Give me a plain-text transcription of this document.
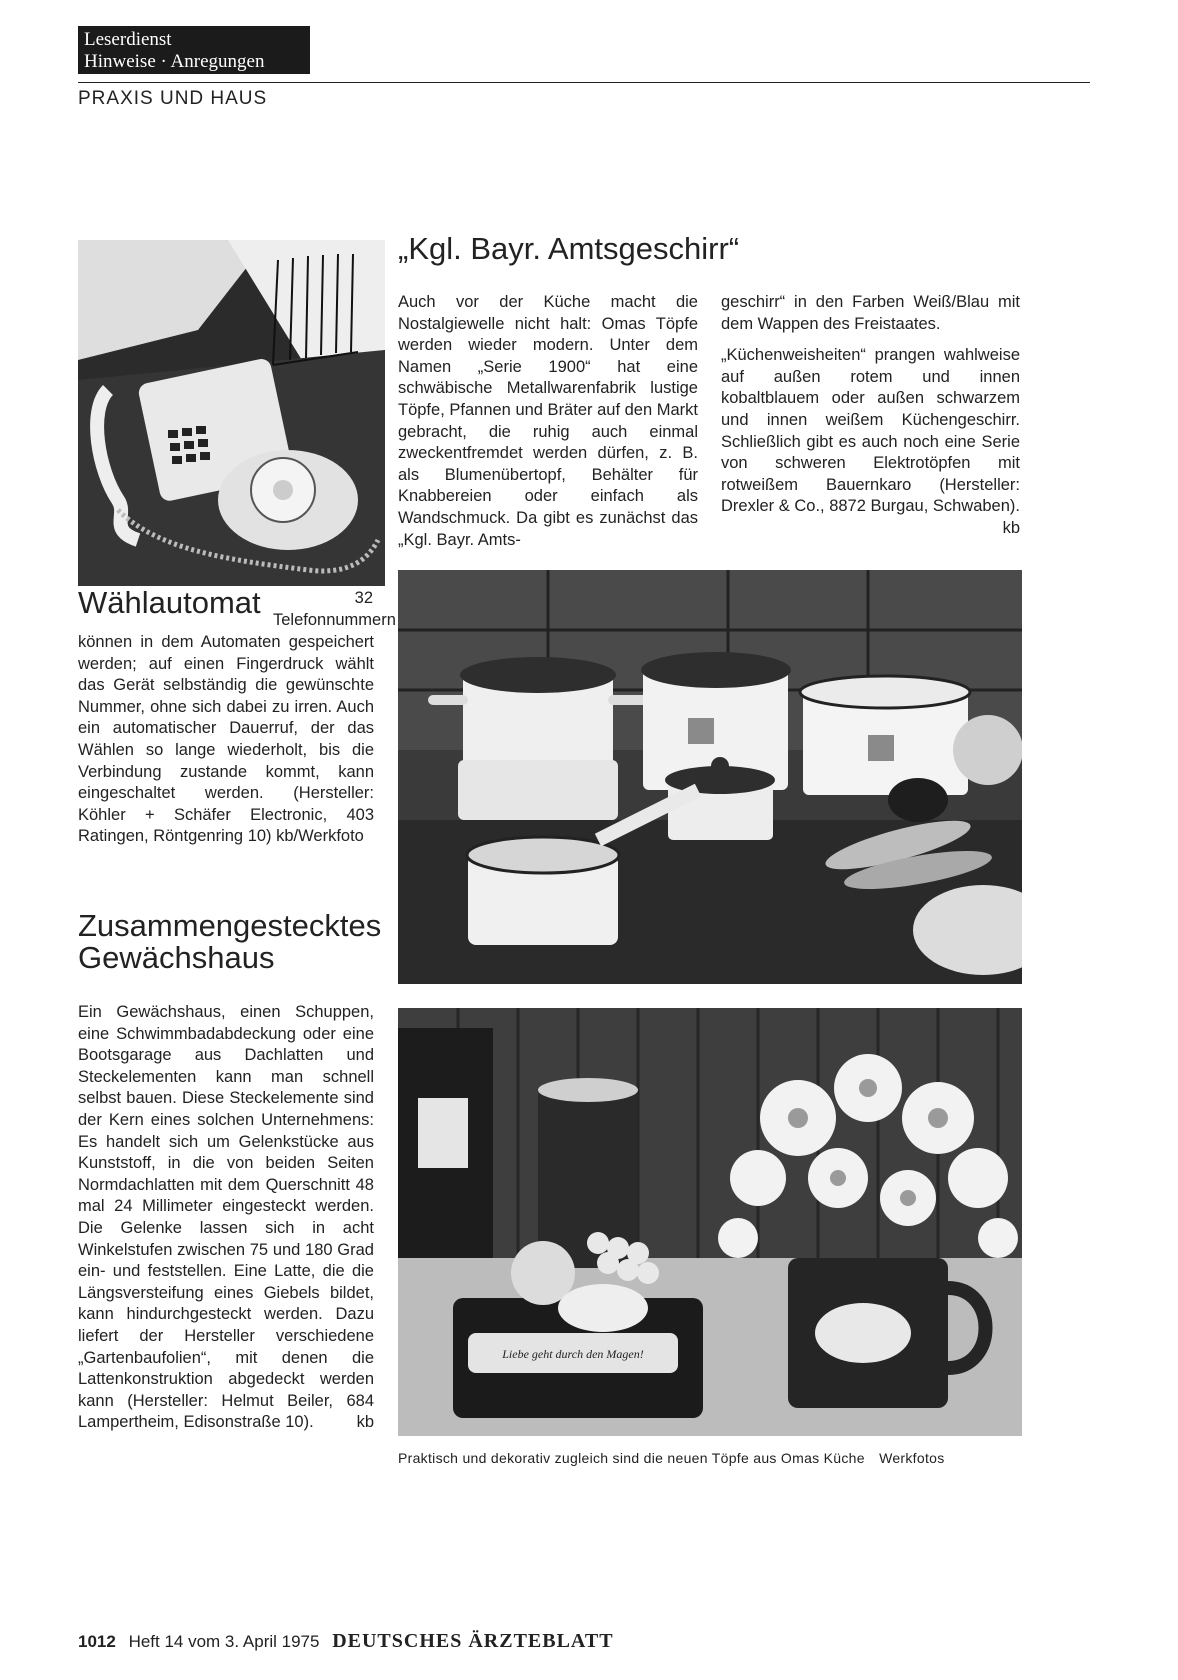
Leserdienst
Hinweise · Anregungen
PRAXIS UND HAUS
„Kgl. Bayr. Amtsgeschirr“

Auch vor der Küche macht die Nostalgiewelle nicht halt: Omas Töpfe werden wieder modern. Unter dem Namen „Serie 1900“ hat eine schwäbische Metallwarenfabrik lustige Töpfe, Pfannen und Bräter auf den Markt gebracht, die ruhig auch einmal zweckentfremdet werden dürfen, z. B. als Blumenübertopf, Behälter für Knabbereien oder einfach als Wandschmuck. Da gibt es zunächst das „Kgl. Bayr. Amts-

geschirr“ in den Farben Weiß/Blau mit dem Wappen des Freistaates.

„Küchenweisheiten“ prangen wahlweise auf außen rotem und innen kobaltblauem oder außen schwarzem und innen weißem Küchengeschirr. Schließlich gibt es auch noch eine Serie von schweren Elektrotöpfen mit rotweißem Bauernkaro (Hersteller: Drexler & Co., 8872 Burgau, Schwaben).
kb

Wählautomat	32 Telefonnummern
können in dem Automaten gespeichert werden; auf einen Fingerdruck wählt das Gerät selbständig die gewünschte Nummer, ohne sich dabei zu irren. Auch ein automatischer Dauerruf, der das Wählen so lange wiederholt, bis die Verbindung zustande kommt, kann eingeschaltet werden. (Hersteller: Köhler + Schäfer Electronic, 403 Ratingen, Röntgenring 10) kb/Werkfoto
Zusammengestecktes
Gewächshaus
Ein Gewächshaus, einen Schuppen, eine Schwimmbadabdeckung oder eine Bootsgarage aus Dachlatten und Steckelementen kann man schnell selbst bauen. Diese Steckelemente sind der Kern eines solchen Unternehmens: Es handelt sich um Gelenkstücke aus Kunststoff, in die von beiden Seiten Normdachlatten mit dem Querschnitt 48 mal 24 Millimeter eingesteckt werden. Die Gelenke lassen sich in acht Winkelstufen zwischen 75 und 180 Grad ein- und feststellen. Eine Latte, die die Längsversteifung eines Giebels bildet, kann hindurchgesteckt werden. Dazu liefert der Hersteller verschiedene „Gartenbaufolien“, mit denen die Lattenkonstruktion abgedeckt werden kann (Hersteller: Helmut Beiler, 684 Lampertheim, Edisonstraße 10).	kb
Liebe geht durch den Magen!
Praktisch und dekorativ zugleich sind die neuen Töpfe aus Omas Küche Werkfotos
1012 Heft 14 vom 3. April 1975 DEUTSCHES ÄRZTEBLATT
